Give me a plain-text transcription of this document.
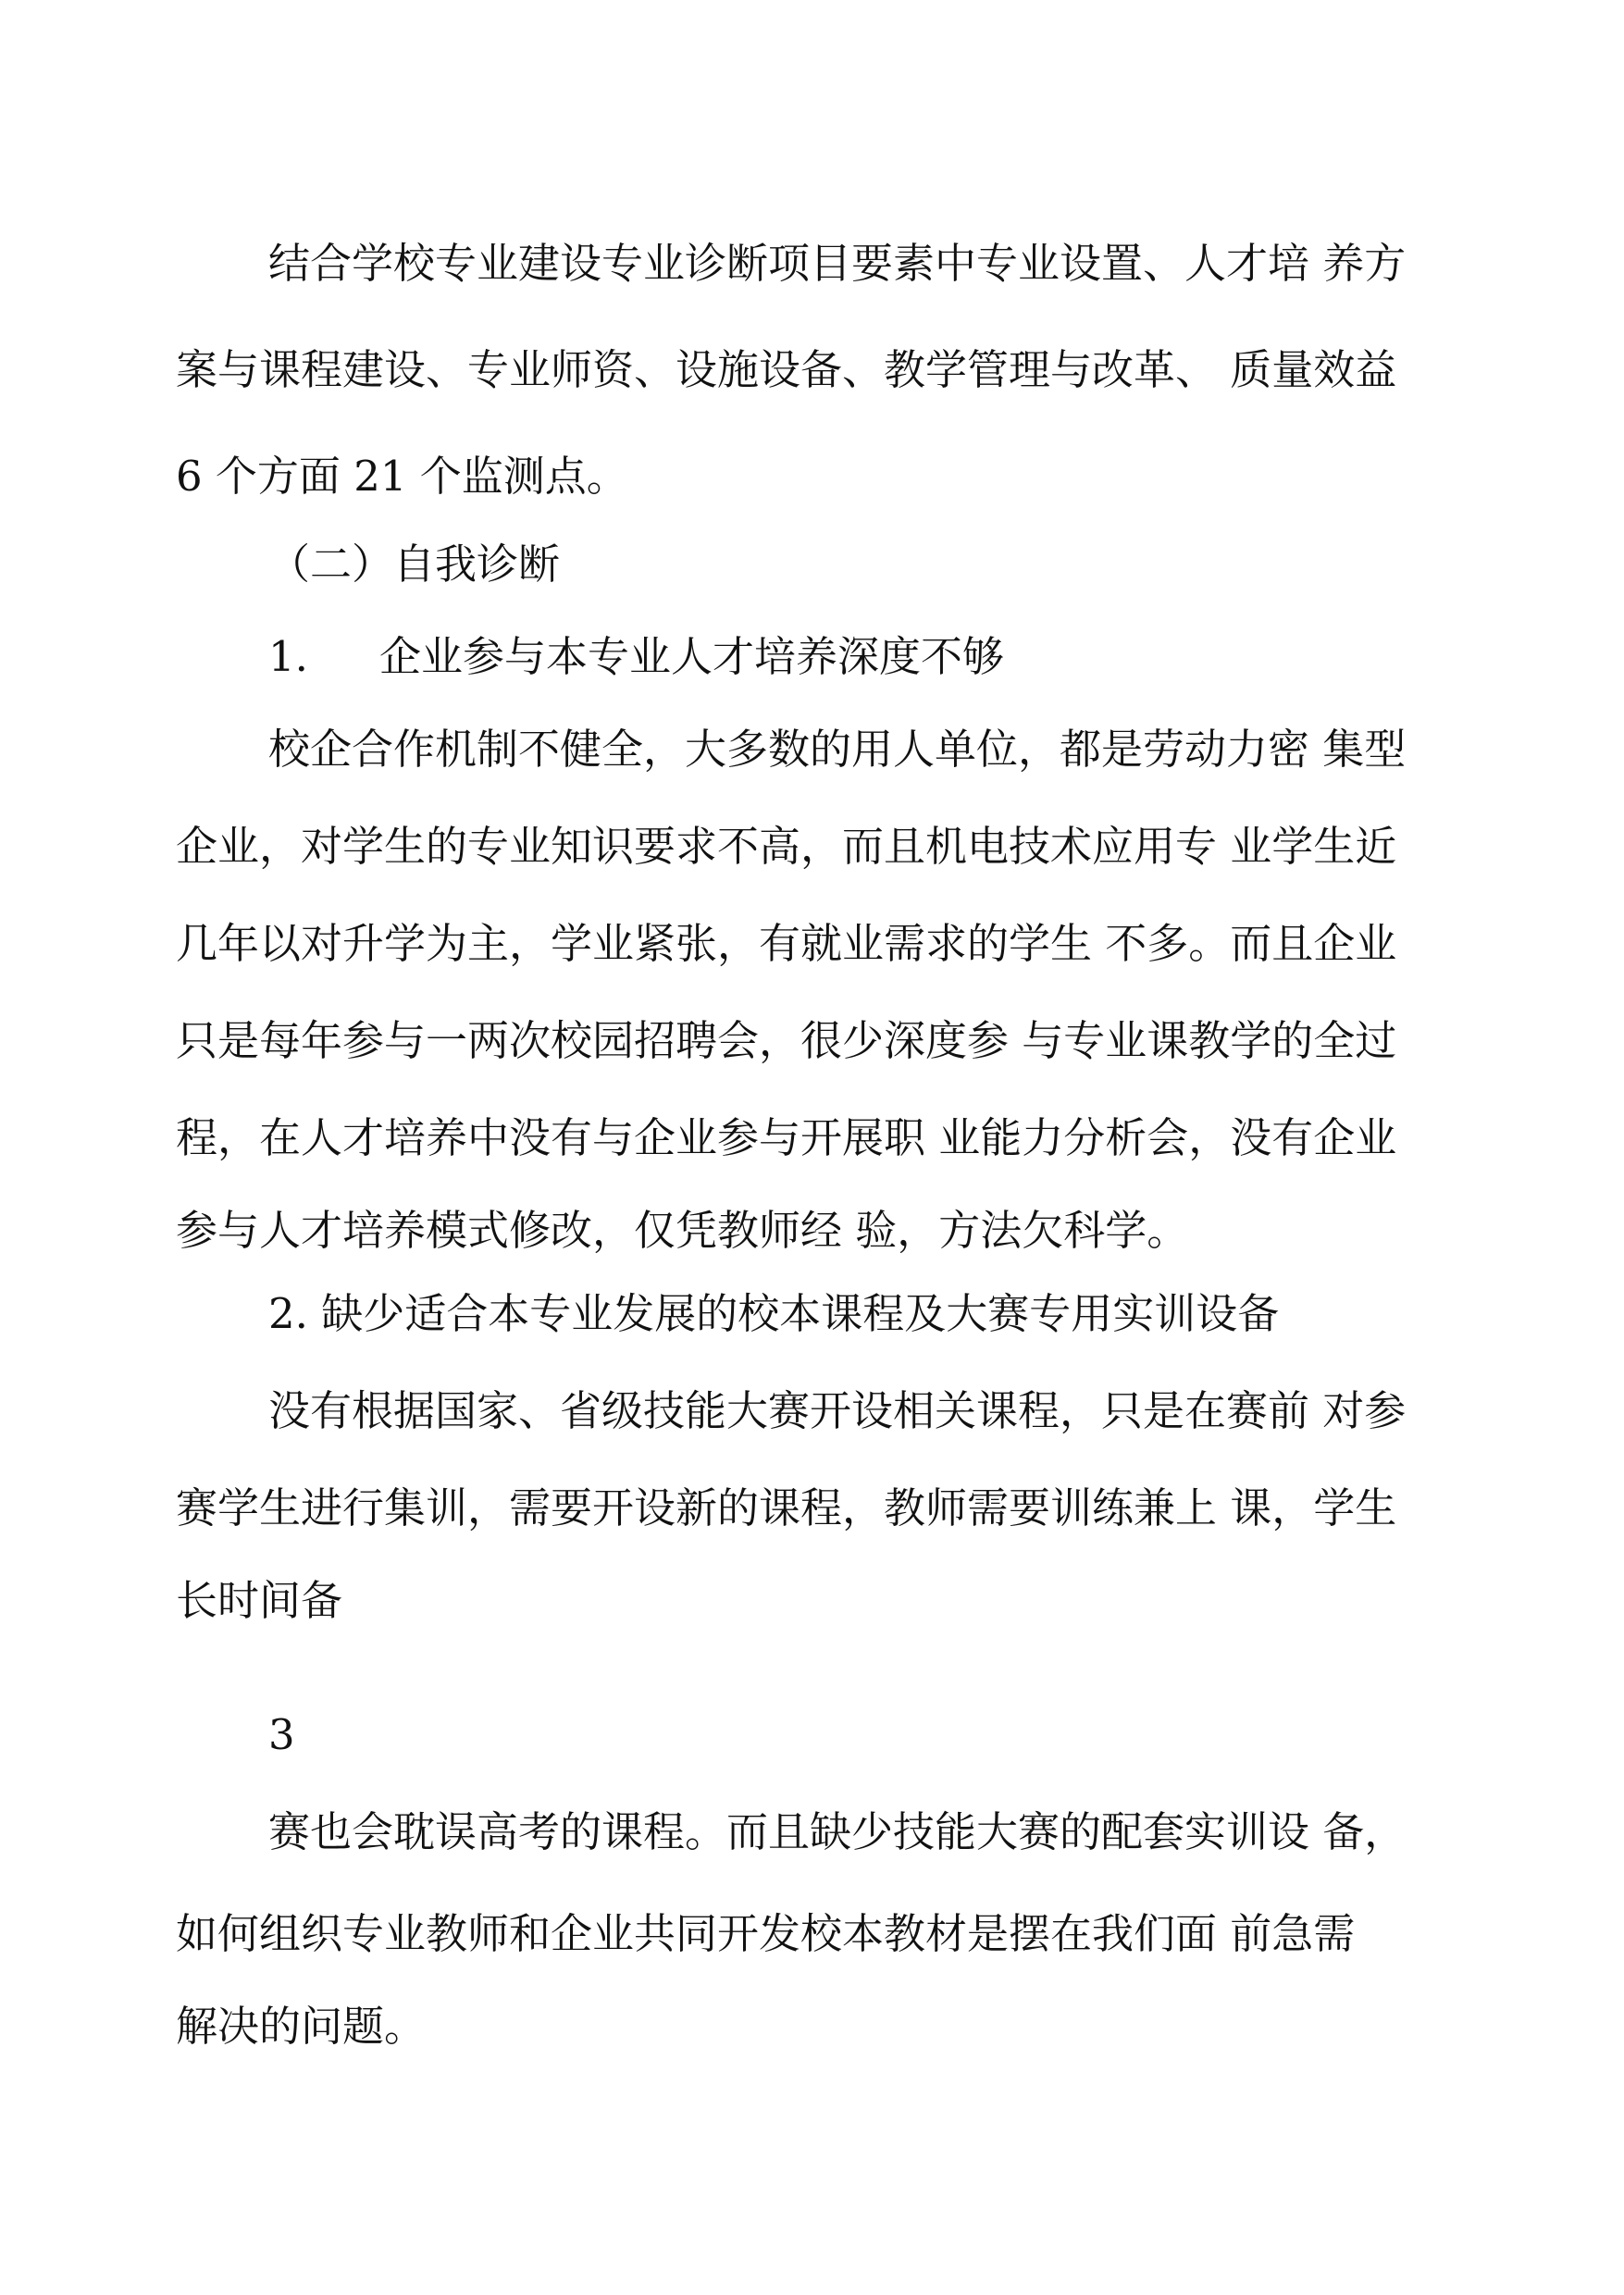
结合学校专业建设专业诊断项目要素中专业设置、人才培 养方
案与课程建设、专业师资、设施设备、教学管理与改革、 质量效益
6 个方面 21 个监测点。
（二）自我诊断
1. 企业参与本专业人才培养深度不够
校企合作机制不健全，大多数的用人单位，都是劳动力密 集型
企业，对学生的专业知识要求不高，而且机电技术应用专 业学生近
几年以对升学为主，学业紧张，有就业需求的学生 不多。而且企业
只是每年参与一两次校园招聘会，很少深度参 与专业课教学的全过
程，在人才培养中没有与企业参与开展职 业能力分析会，没有企业
参与人才培养模式修改，仅凭教师经 验，方法欠科学。
2. 缺少适合本专业发展的校本课程及大赛专用实训设备
没有根据国家、省级技能大赛开设相关课程，只是在赛前 对参
赛学生进行集训，需要开设新的课程，教师需要训练兼上 课，学生
长时间备
3
赛也会耽误高考的课程。而且缺少技能大赛的配套实训设 备，
如何组织专业教师和企业共同开发校本教材是摆在我们面 前急需
解决的问题。
